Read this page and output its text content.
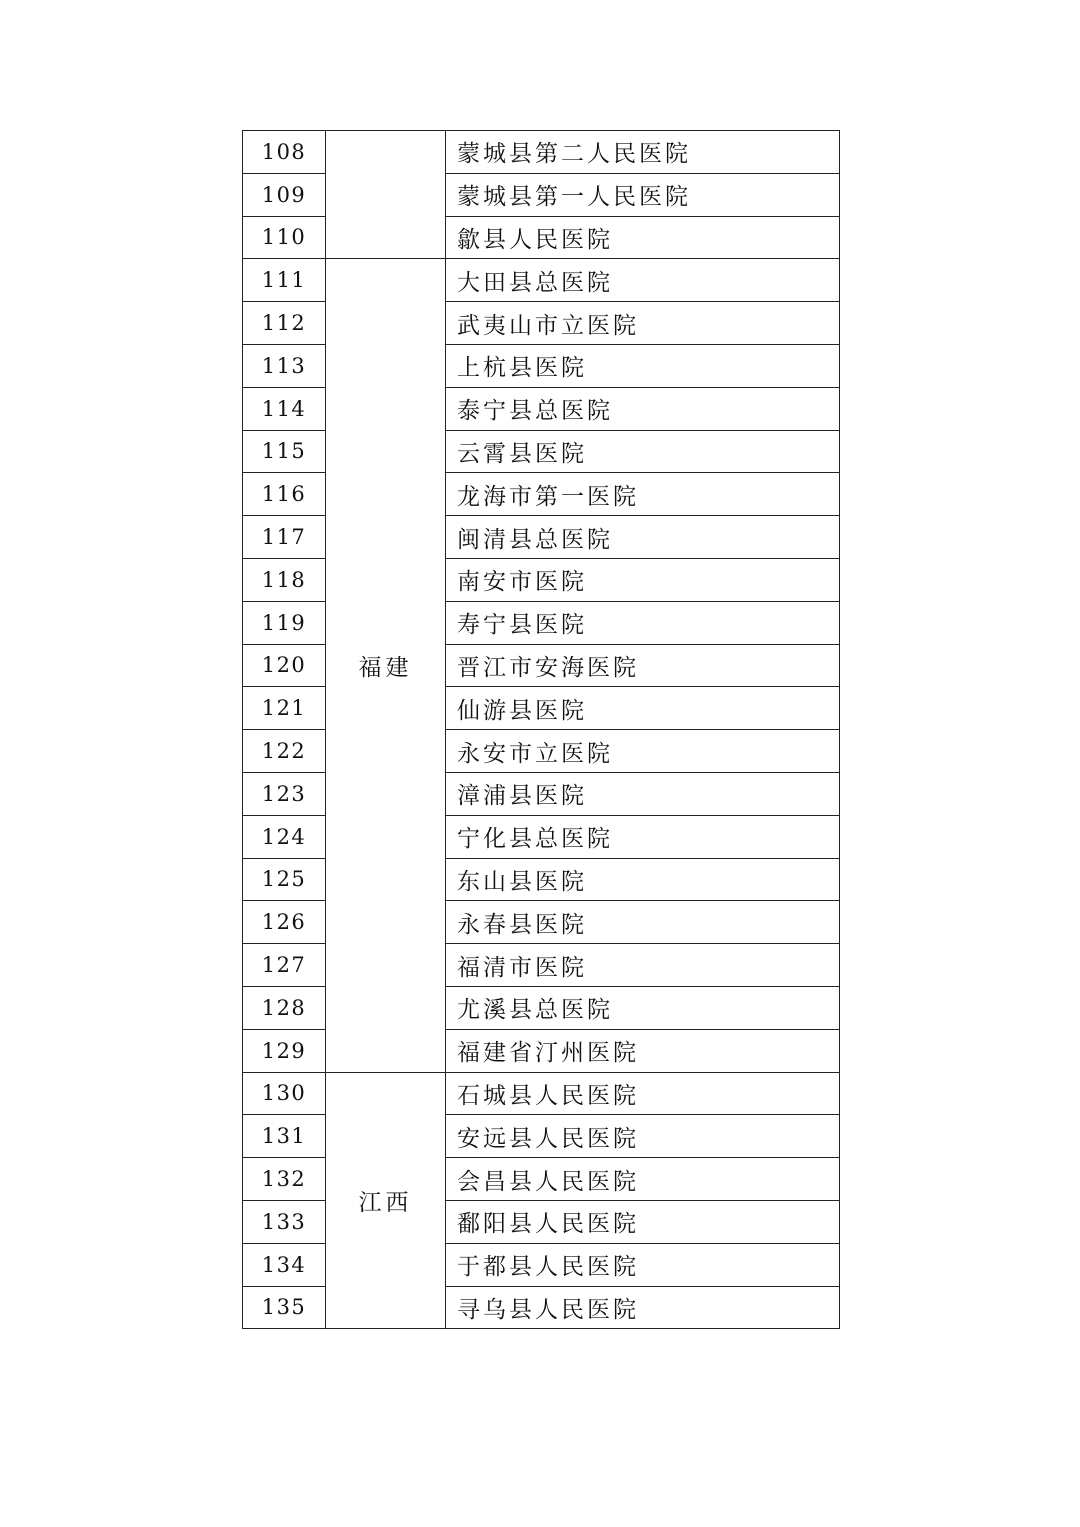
108		蒙城县第二人民医院
109		蒙城县第一人民医院
110		歙县人民医院
111	福建	大田县总医院
112		武夷山市立医院
113		上杭县医院
114		泰宁县总医院
115		云霄县医院
116		龙海市第一医院
117		闽清县总医院
118		南安市医院
119		寿宁县医院
120		晋江市安海医院
121		仙游县医院
122		永安市立医院
123		漳浦县医院
124		宁化县总医院
125		东山县医院
126		永春县医院
127		福清市医院
128		尤溪县总医院
129		福建省汀州医院
130	江西	石城县人民医院
131		安远县人民医院
132		会昌县人民医院
133		鄱阳县人民医院
134		于都县人民医院
135		寻乌县人民医院
